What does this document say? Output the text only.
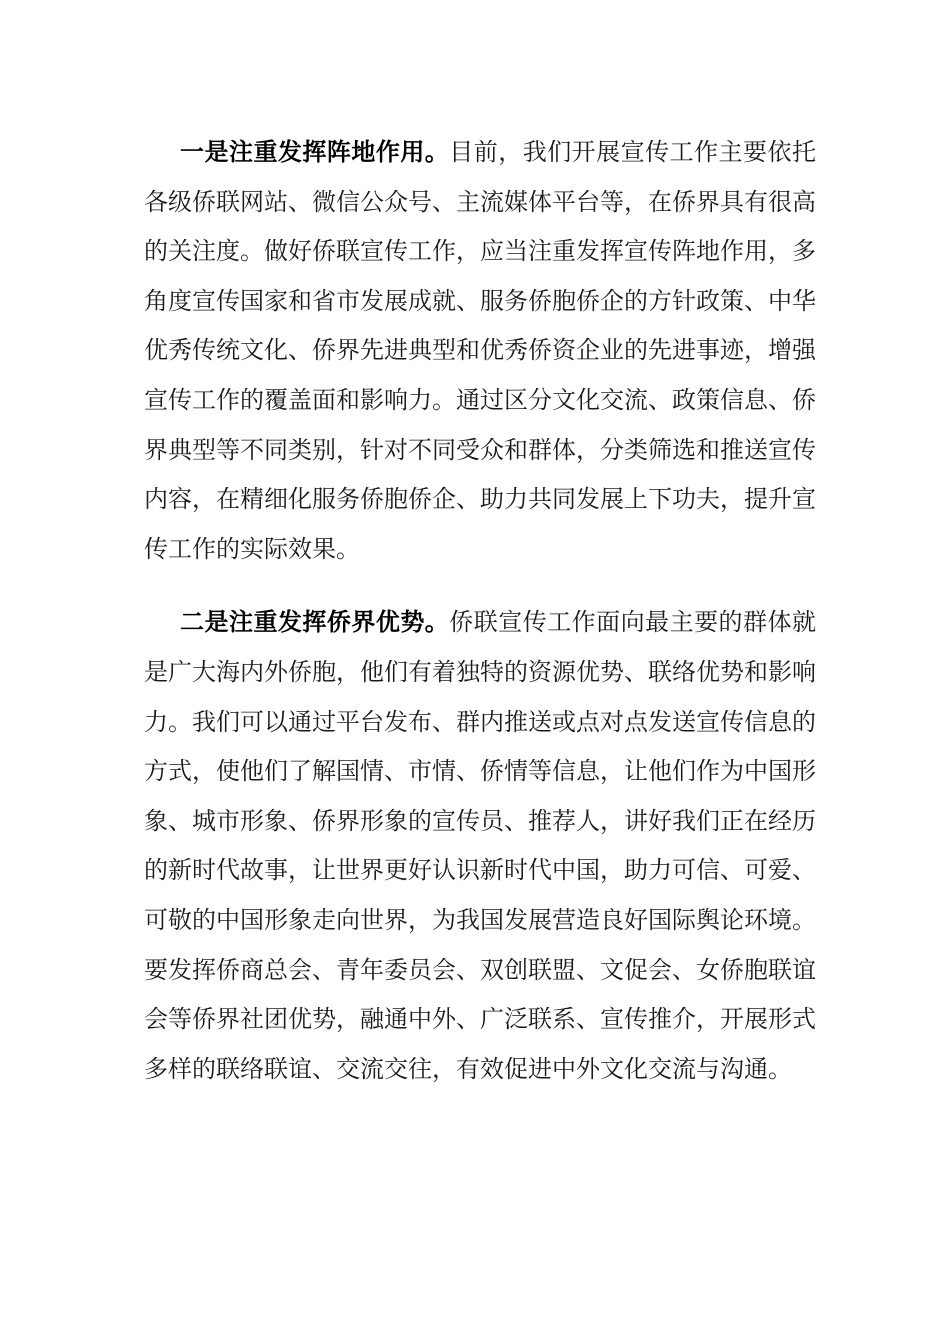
一是注重发挥阵地作用。目前，我们开展宣传工作主要依托各级侨联网站、微信公众号、主流媒体平台等，在侨界具有很高的关注度。做好侨联宣传工作，应当注重发挥宣传阵地作用，多角度宣传国家和省市发展成就、服务侨胞侨企的方针政策、中华优秀传统文化、侨界先进典型和优秀侨资企业的先进事迹，增强宣传工作的覆盖面和影响力。通过区分文化交流、政策信息、侨界典型等不同类别，针对不同受众和群体，分类筛选和推送宣传内容，在精细化服务侨胞侨企、助力共同发展上下功夫，提升宣传工作的实际效果。

二是注重发挥侨界优势。侨联宣传工作面向最主要的群体就是广大海内外侨胞，他们有着独特的资源优势、联络优势和影响力。我们可以通过平台发布、群内推送或点对点发送宣传信息的方式，使他们了解国情、市情、侨情等信息，让他们作为中国形象、城市形象、侨界形象的宣传员、推荐人，讲好我们正在经历的新时代故事，让世界更好认识新时代中国，助力可信、可爱、可敬的中国形象走向世界，为我国发展营造良好国际舆论环境。要发挥侨商总会、青年委员会、双创联盟、文促会、女侨胞联谊会等侨界社团优势，融通中外、广泛联系、宣传推介，开展形式多样的联络联谊、交流交往，有效促进中外文化交流与沟通。
